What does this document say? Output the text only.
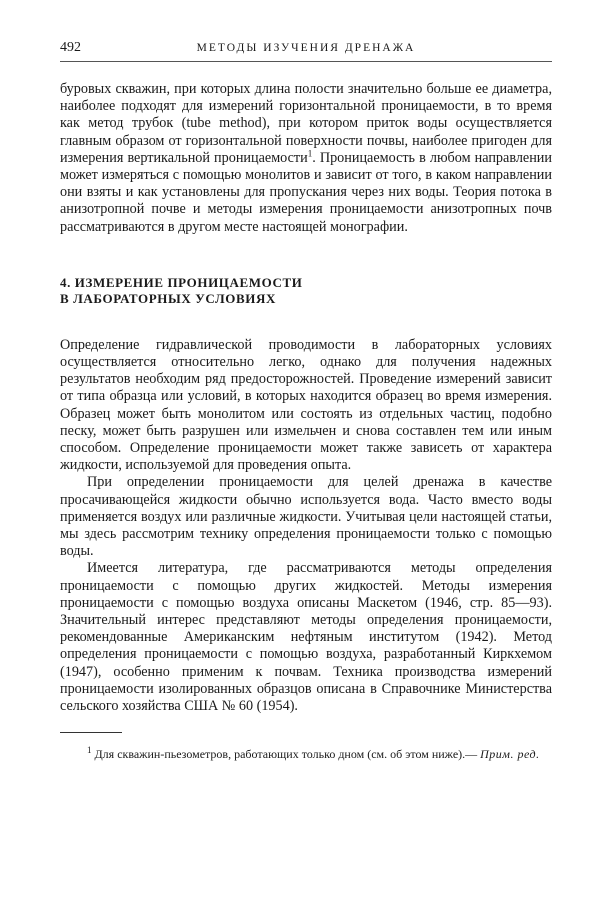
492	МЕТОДЫ ИЗУЧЕНИЯ ДРЕНАЖА

буровых скважин, при которых длина полости значительно больше ее диаметра, наиболее подходят для измерений горизонтальной проницаемости, в то время как метод трубок (tube method), при котором приток воды осуществляется главным образом от горизонтальной поверхности почвы, наиболее пригоден для измерения вертикальной проницаемости$^1$. Проницаемость в любом направлении может измеряться с помощью монолитов и зависит от того, в каком направлении они взяты и как установлены для пропускания через них воды. Теория потока в анизотропной почве и методы измерения проницаемости анизотропных почв рассматриваются в другом месте настоящей монографии.

4. ИЗМЕРЕНИЕ ПРОНИЦАЕМОСТИ
В ЛАБОРАТОРНЫХ УСЛОВИЯХ

Определение гидравлической проводимости в лабораторных условиях осуществляется относительно легко, однако для получения надежных результатов необходим ряд предосторожностей. Проведение измерений зависит от типа образца или условий, в которых находится образец во время измерения. Образец может быть монолитом или состоять из отдельных частиц, подобно песку, может быть разрушен или измельчен и снова составлен тем или иным способом. Определение проницаемости может также зависеть от характера жидкости, используемой для проведения опыта.

При определении проницаемости для целей дренажа в качестве просачивающейся жидкости обычно используется вода. Часто вместо воды применяется воздух или различные жидкости. Учитывая цели настоящей статьи, мы здесь рассмотрим технику определения проницаемости только с помощью воды.

Имеется литература, где рассматриваются методы определения проницаемости с помощью других жидкостей. Методы измерения проницаемости с помощью воздуха описаны Маскетом (1946, стр. 85—93). Значительный интерес представляют методы определения проницаемости, рекомендованные Американским нефтяным институтом (1942). Метод определения проницаемости с помощью воздуха, разработанный Киркхемом (1947), особенно применим к почвам. Техника производства измерений проницаемости изолированных образцов описана в Справочнике Министерства сельского хозяйства США № 60 (1954).

$^1$ Для скважин-пьезометров, работающих только дном (см. об этом ниже).— Прим. ред.
